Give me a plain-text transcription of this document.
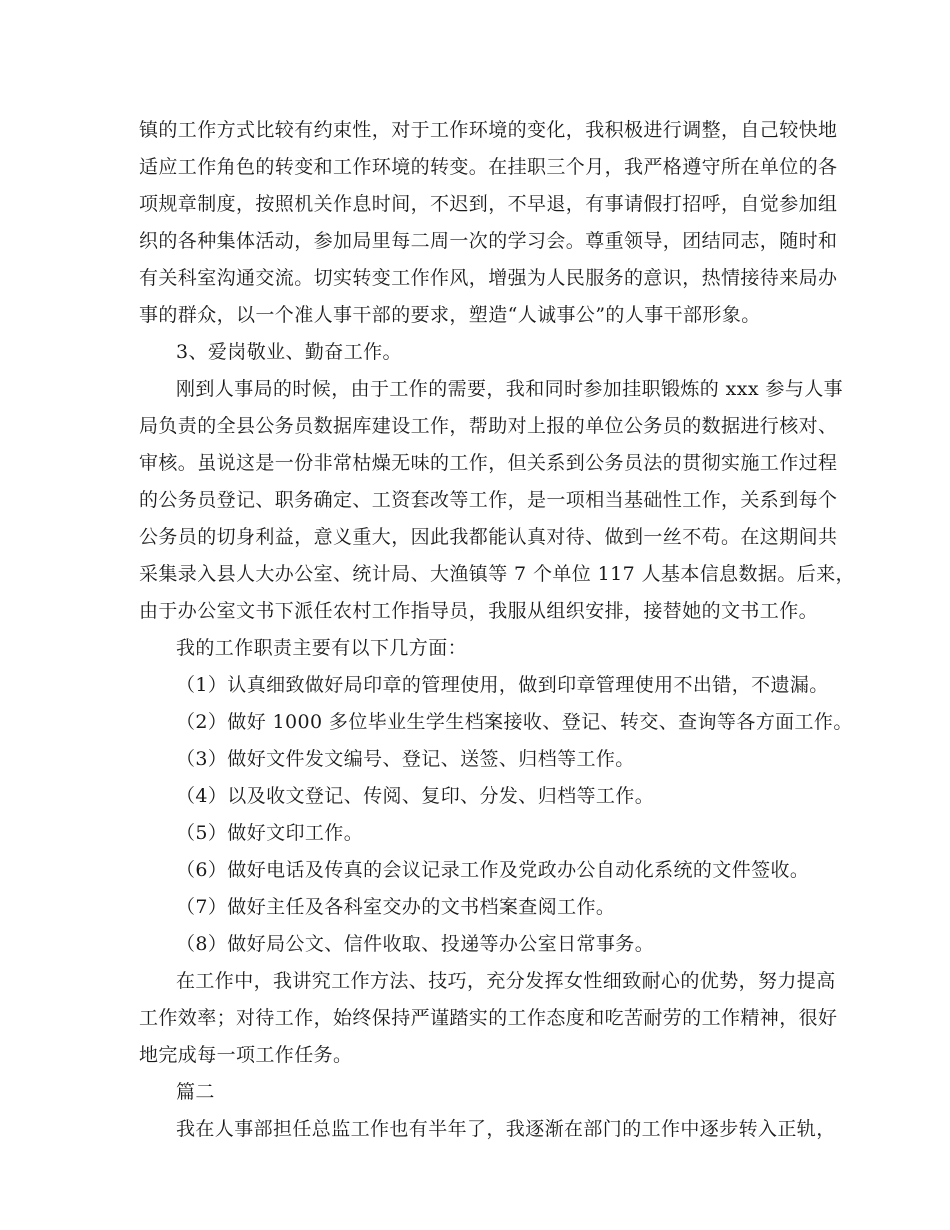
镇的工作方式比较有约束性，对于工作环境的变化，我积极进行调整，自己较快地
适应工作角色的转变和工作环境的转变。在挂职三个月，我严格遵守所在单位的各
项规章制度，按照机关作息时间，不迟到，不早退，有事请假打招呼，自觉参加组
织的各种集体活动，参加局里每二周一次的学习会。尊重领导，团结同志，随时和
有关科室沟通交流。切实转变工作作风，增强为人民服务的意识，热情接待来局办
事的群众，以一个准人事干部的要求，塑造“人诚事公”的人事干部形象。
3、爱岗敬业、勤奋工作。
刚到人事局的时候，由于工作的需要，我和同时参加挂职锻炼的 xxx 参与人事
局负责的全县公务员数据库建设工作，帮助对上报的单位公务员的数据进行核对、
审核。虽说这是一份非常枯燥无味的工作，但关系到公务员法的贯彻实施工作过程
的公务员登记、职务确定、工资套改等工作，是一项相当基础性工作，关系到每个
公务员的切身利益，意义重大，因此我都能认真对待、做到一丝不苟。在这期间共
采集录入县人大办公室、统计局、大渔镇等 7 个单位 117 人基本信息数据。后来，
由于办公室文书下派任农村工作指导员，我服从组织安排，接替她的文书工作。
我的工作职责主要有以下几方面：
（1）认真细致做好局印章的管理使用，做到印章管理使用不出错，不遗漏。
（2）做好 1000 多位毕业生学生档案接收、登记、转交、查询等各方面工作。
（3）做好文件发文编号、登记、送签、归档等工作。
（4）以及收文登记、传阅、复印、分发、归档等工作。
（5）做好文印工作。
（6）做好电话及传真的会议记录工作及党政办公自动化系统的文件签收。
（7）做好主任及各科室交办的文书档案查阅工作。
（8）做好局公文、信件收取、投递等办公室日常事务。
在工作中，我讲究工作方法、技巧，充分发挥女性细致耐心的优势，努力提高
工作效率；对待工作，始终保持严谨踏实的工作态度和吃苦耐劳的工作精神，很好
地完成每一项工作任务。
篇二
我在人事部担任总监工作也有半年了，我逐渐在部门的工作中逐步转入正轨，
